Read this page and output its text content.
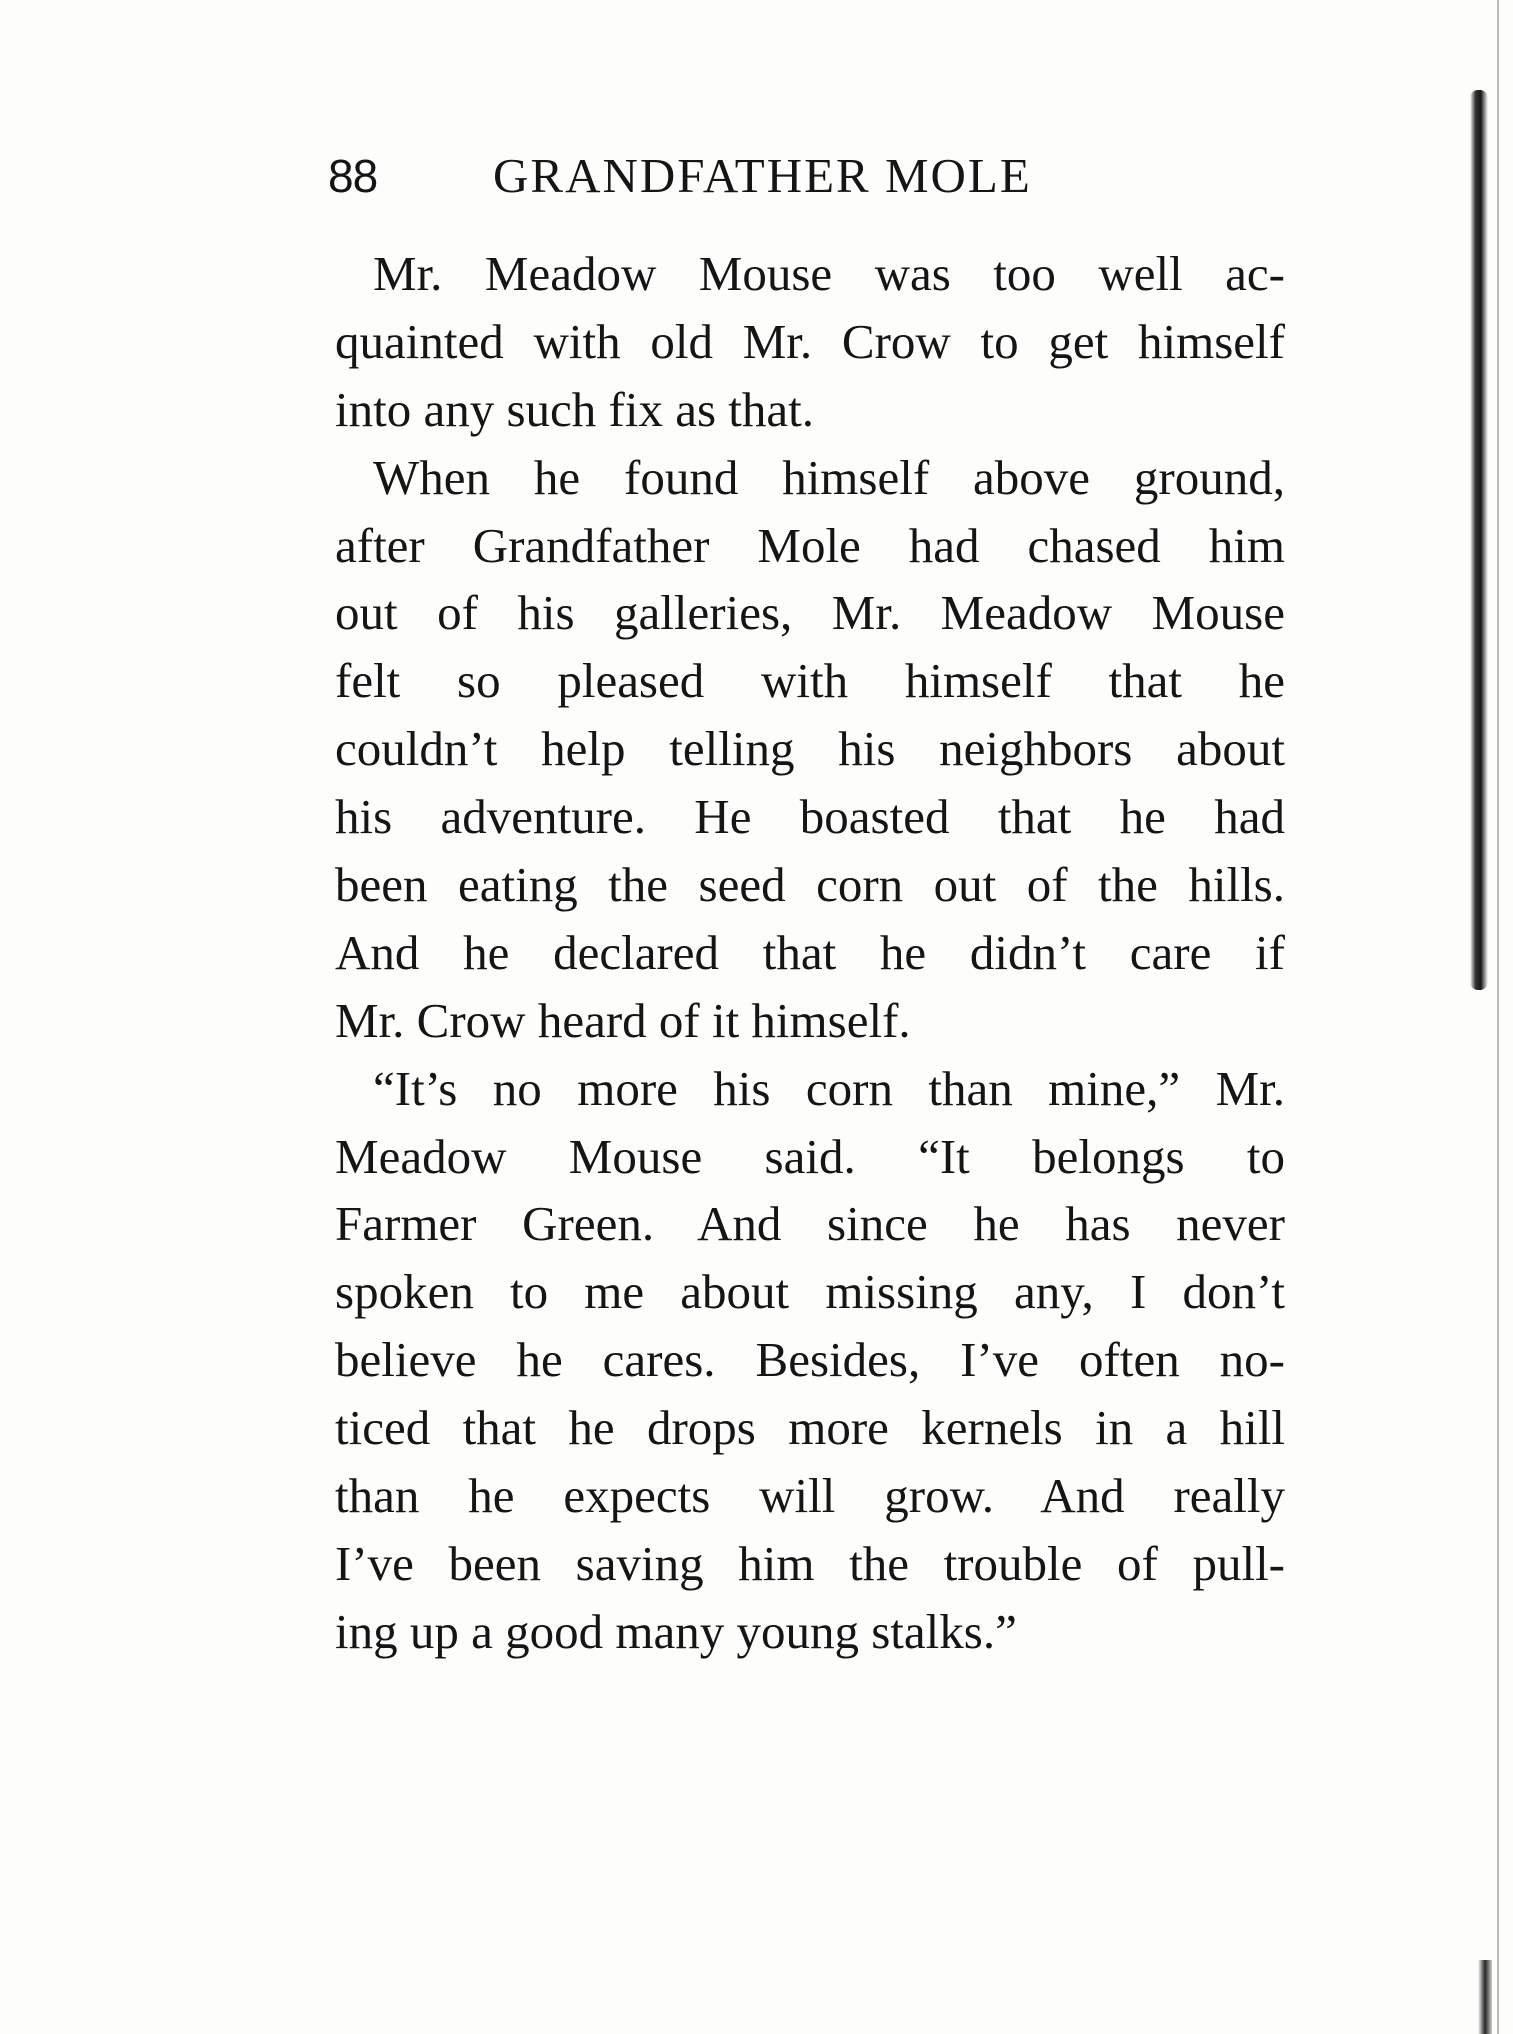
88 GRANDFATHER MOLE

Mr. Meadow Mouse was too well ac-
quainted with old Mr. Crow to get himself
into any such fix as that.

When he found himself above ground,
after Grandfather Mole had chased him
out of his galleries, Mr. Meadow Mouse
felt so pleased with himself that he
couldn’t help telling his neighbors about
his adventure. He boasted that he had
been eating the seed corn out of the hills.
And he declared that he didn’t care if
Mr. Crow heard of it himself.

“It’s no more his corn than mine,” Mr.
Meadow Mouse said. “It belongs to
Farmer Green. And since he has never
spoken to me about missing any, I don’t
believe he cares. Besides, I’ve often no-
ticed that he drops more kernels in a hill
than he expects will grow. And really
I’ve been saving him the trouble of pull-
ing up a good many young stalks.”
